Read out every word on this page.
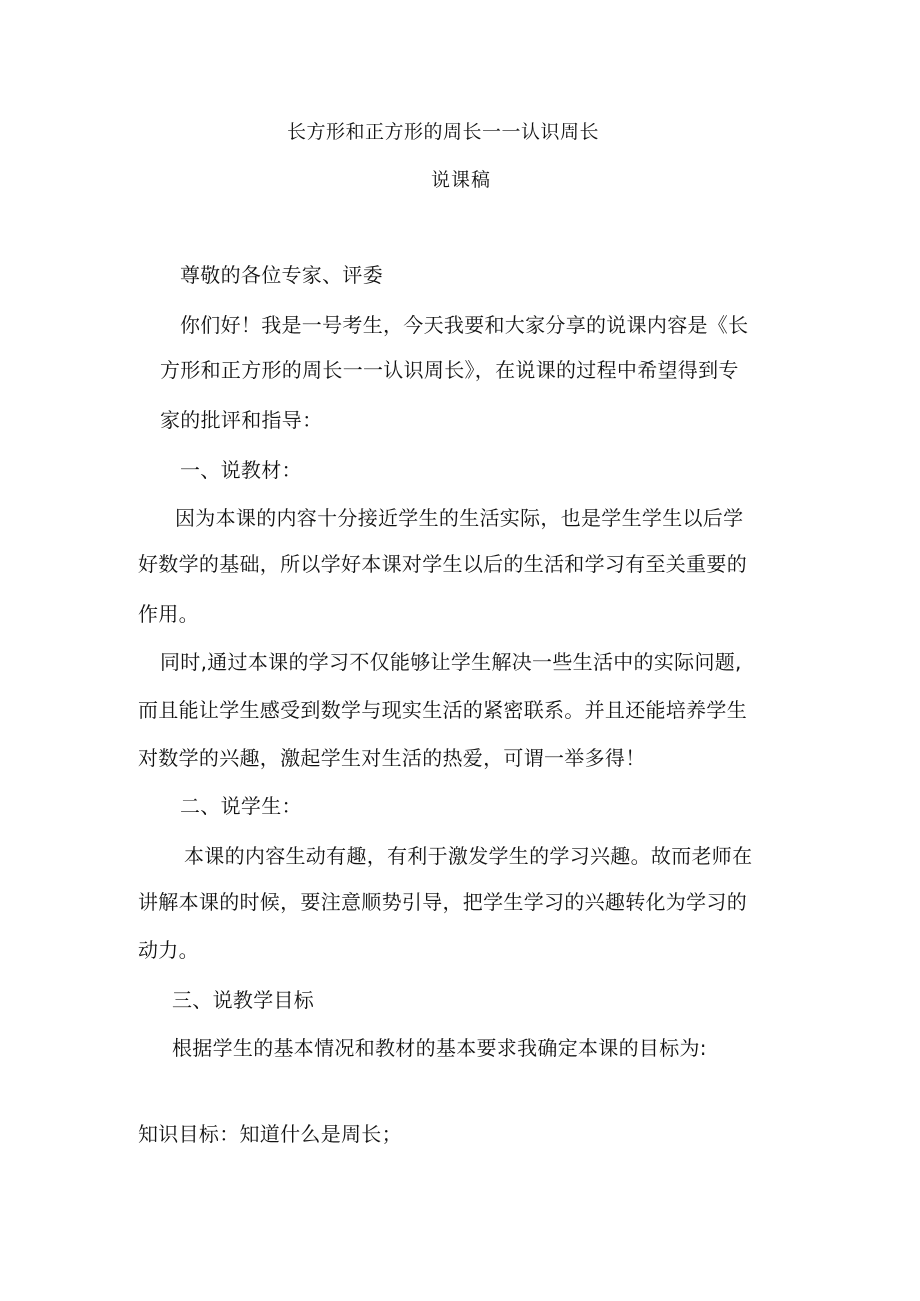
长方形和正方形的周长一一认识周长
说课稿
尊敬的各位专家、评委
你们好！我是一号考生，今天我要和大家分享的说课内容是《长
方形和正方形的周长一一认识周长》，在说课的过程中希望得到专
家的批评和指导：
一、说教材：
因为本课的内容十分接近学生的生活实际，也是学生学生以后学
好数学的基础，所以学好本课对学生以后的生活和学习有至关重要的
作用。
同时,通过本课的学习不仅能够让学生解决一些生活中的实际问题,
而且能让学生感受到数学与现实生活的紧密联系。并且还能培养学生
对数学的兴趣，激起学生对生活的热爱，可谓一举多得！
二、说学生：
本课的内容生动有趣，有利于激发学生的学习兴趣。故而老师在
讲解本课的时候，要注意顺势引导，把学生学习的兴趣转化为学习的
动力。
三、说教学目标
根据学生的基本情况和教材的基本要求我确定本课的目标为:
知识目标：知道什么是周长；
